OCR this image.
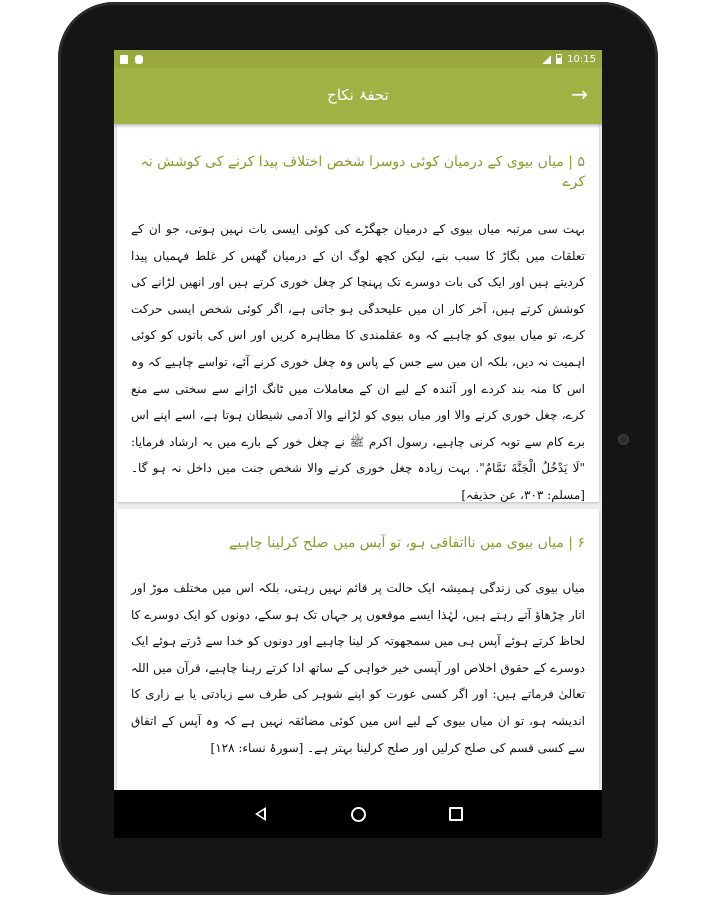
10:15
تحفۂ نکاح	→
۵ | میاں بیوی کے درمیان کوئی دوسرا شخص اختلاف پیدا کرنے کی کوشش نہ کرے

بہت سی مرتبہ میاں بیوی کے درمیان جھگڑے کی کوئی ایسی بات نہیں ہوتی، جو ان کے تعلقات میں بگاڑ کا سبب بنے، لیکن کچھ لوگ ان کے درمیان گھس کر غلط فہمیاں پیدا کردیتے ہیں اور ایک کی بات دوسرے تک پہنچا کر چغل خوری کرتے ہیں اور انھیں لڑانے کی کوشش کرتے ہیں، آخر کار ان میں علیحدگی ہو جاتی ہے، اگر کوئی شخص ایسی حرکت کرے، تو میاں بیوی کو چاہیے کہ وہ عقلمندی کا مظاہرہ کریں اور اس کی باتوں کو کوئی اہمیت نہ دیں، بلکہ ان میں سے جس کے پاس وہ چغل خوری کرنے آئے، تواسے چاہیے کہ وہ اس کا منہ بند کردے اور آئندہ کے لیے ان کے معاملات میں ٹانگ اڑانے سے سختی سے منع کرے، چغل خوری کرنے والا اور میاں بیوی کو لڑانے والا آدمی شیطان ہوتا ہے، اسے اپنے اس برے کام سے توبہ کرنی چاہیے، رسول اکرم ﷺ نے چغل خور کے بارے میں یہ ارشاد فرمایا: "لَا يَدْخُلُ الْجَنَّةَ نَمَّامٌ". بہت زیادہ چغل خوری کرنے والا شخص جنت میں داخل نہ ہو گا۔ [مسلم: ۳۰۳، عن حذیفہ]

۶ | میاں بیوی میں نااتفاقی ہو، تو آپس میں صلح کرلینا چاہیے

میاں بیوی کی زندگی ہمیشہ ایک حالت پر قائم نہیں رہتی، بلکہ اس میں مختلف موڑ اور اتار چڑھاؤ آتے رہتے ہیں، لہٰذا ایسے موقعوں پر جہاں تک ہو سکے، دونوں کو ایک دوسرے کا لحاظ کرتے ہوئے آپس ہی میں سمجھوتہ کر لینا چاہیے اور دونوں کو خدا سے ڈرتے ہوئے ایک دوسرے کے حقوق اخلاص اور آپسی خیر خواہی کے ساتھ ادا کرتے رہنا چاہیے، قرآن میں اللہ تعالیٰ فرماتے ہیں: اور اگر کسی عورت کو اپنے شوہر کی طرف سے زیادتی یا بے زاری کا اندیشہ ہو، تو ان میاں بیوی کے لیے اس میں کوئی مضائقہ نہیں ہے کہ وہ آپس کے اتفاق سے کسی قسم کی صلح کرلیں اور صلح کرلینا بہتر ہے۔ [سورۂ نساء: ۱۲۸]
